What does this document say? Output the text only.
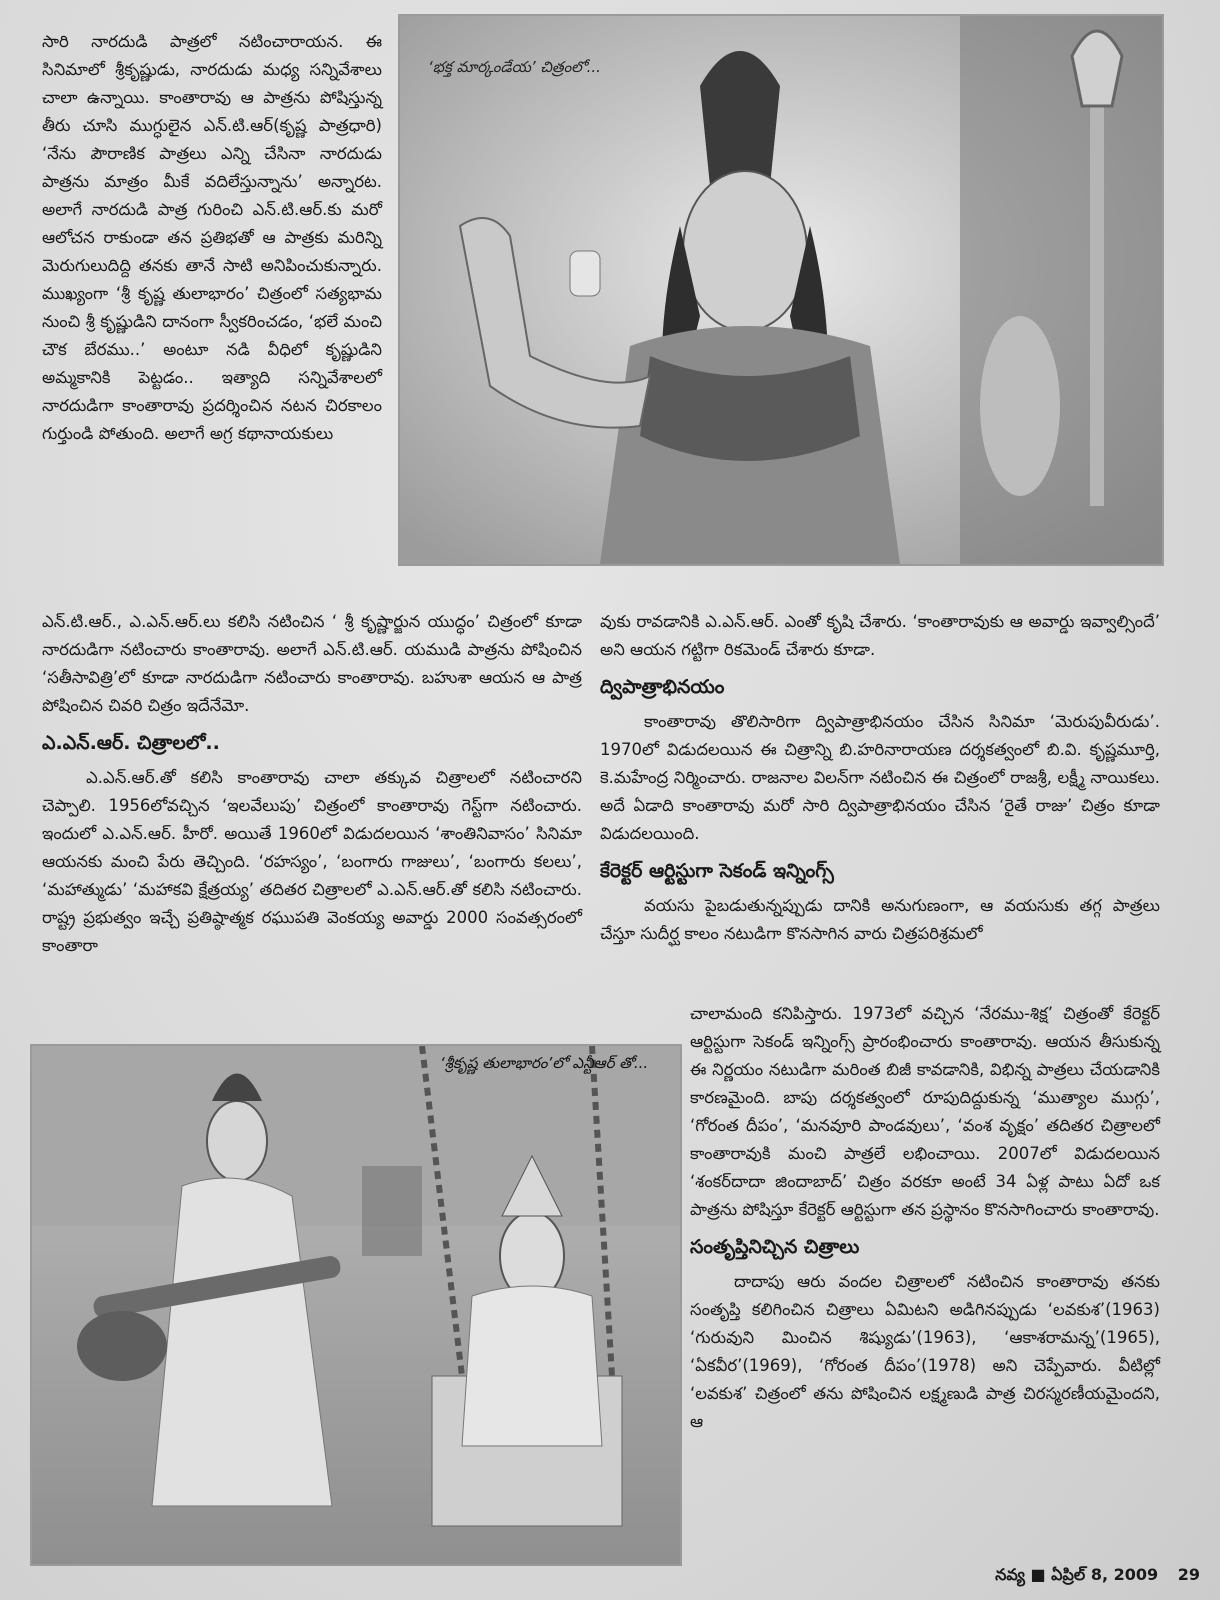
‘భక్త మార్కండేయ’ చిత్రంలో...

సారి నారదుడి పాత్రలో నటించారాయన. ఈ సినిమాలో శ్రీకృష్ణుడు, నారదుడు మధ్య సన్నివేశాలు చాలా ఉన్నాయి. కాంతారావు ఆ పాత్రను పోషిస్తున్న తీరు చూసి ముగ్ధులైన ఎన్.టి.ఆర్(కృష్ణ పాత్రధారి) ‘నేను పౌరాణిక పాత్రలు ఎన్ని చేసినా నారదుడు పాత్రను మాత్రం మీకే వదిలేస్తున్నాను’ అన్నారట. అలాగే నారదుడి పాత్ర గురించి ఎన్.టి.ఆర్.కు మరో ఆలోచన రాకుండా తన ప్రతిభతో ఆ పాత్రకు మరిన్ని మెరుగులుదిద్ది తనకు తానే సాటి అనిపించుకున్నారు. ముఖ్యంగా ‘శ్రీ కృష్ణ తులాభారం’ చిత్రంలో సత్యభామ నుంచి శ్రీ కృష్ణుడిని దానంగా స్వీకరించడం, ‘భలే మంచి చౌక బేరము..’ అంటూ నడి వీధిలో కృష్ణుడిని అమ్మకానికి పెట్టడం.. ఇత్యాది సన్నివేశాలలో నారదుడిగా కాంతారావు ప్రదర్శించిన నటన చిరకాలం గుర్తుండి పోతుంది. అలాగే అగ్ర కథానాయకులు

ఎన్.టి.ఆర్., ఎ.ఎన్.ఆర్.లు కలిసి నటించిన ‘ శ్రీ కృష్ణార్జున యుద్ధం’ చిత్రంలో కూడా నారదుడిగా నటించారు కాంతారావు. అలాగే ఎన్.టి.ఆర్. యముడి పాత్రను పోషించిన ‘సతీసావిత్రి’లో కూడా నారదుడిగా నటించారు కాంతారావు. బహుశా ఆయన ఆ పాత్ర పోషించిన చివరి చిత్రం ఇదేనేమో.

ఎ.ఎన్.ఆర్. చిత్రాలలో..

ఎ.ఎన్.ఆర్.తో కలిసి కాంతారావు చాలా తక్కువ చిత్రాలలో నటించారని చెప్పాలి. 1956లోవచ్చిన ‘ఇలవేలుపు’ చిత్రంలో కాంతారావు గెస్ట్‌గా నటించారు. ఇందులో ఎ.ఎన్.ఆర్. హీరో. అయితే 1960లో విడుదలయిన ‘శాంతినివాసం’ సినిమా ఆయనకు మంచి పేరు తెచ్చింది. ‘రహస్యం’, ‘బంగారు గాజులు’, ‘బంగారు కలలు’, ‘మహాత్ముడు’ ‘మహాకవి క్షేత్రయ్య’ తదితర చిత్రాలలో ఎ.ఎన్.ఆర్.తో కలిసి నటించారు. రాష్ట్ర ప్రభుత్వం ఇచ్చే ప్రతిష్ఠాత్మక రఘుపతి వెంకయ్య అవార్డు 2000 సంవత్సరంలో కాంతారా

వుకు రావడానికి ఎ.ఎన్.ఆర్. ఎంతో కృషి చేశారు. ‘కాంతారావుకు ఆ అవార్డు ఇవ్వాల్సిందే’ అని ఆయన గట్టిగా రికమెండ్ చేశారు కూడా.

ద్విపాత్రాభినయం

కాంతారావు తొలిసారిగా ద్విపాత్రాభినయం చేసిన సినిమా ‘మెరుపువీరుడు’. 1970లో విడుదలయిన ఈ చిత్రాన్ని బి.హరినారాయణ దర్శకత్వంలో బి.వి. కృష్ణమూర్తి, కె.మహేంద్ర నిర్మించారు. రాజనాల విలన్‌గా నటించిన ఈ చిత్రంలో రాజశ్రీ, లక్ష్మీ నాయికలు. అదే ఏడాది కాంతారావు మరో సారి ద్విపాత్రాభినయం చేసిన ‘రైతే రాజు’ చిత్రం కూడా విడుదలయింది.

కేరెక్టర్ ఆర్టిస్టుగా సెకండ్ ఇన్నింగ్స్

వయసు పైబడుతున్నప్పుడు దానికి అనుగుణంగా, ఆ వయసుకు తగ్గ పాత్రలు చేస్తూ సుదీర్ఘ కాలం నటుడిగా కొనసాగిన వారు చిత్రపరిశ్రమలో

‘శ్రీకృష్ణ తులాభారం’లో ఎన్టీఆర్ తో...

చాలామంది కనిపిస్తారు. 1973లో వచ్చిన ‘నేరము-శిక్ష’ చిత్రంతో కేరెక్టర్ ఆర్టిస్టుగా సెకండ్ ఇన్నింగ్స్ ప్రారంభించారు కాంతారావు. ఆయన తీసుకున్న ఈ నిర్ణయం నటుడిగా మరింత బిజీ కావడానికి, విభిన్న పాత్రలు చేయడానికి కారణమైంది. బాపు దర్శకత్వంలో రూపుదిద్దుకున్న ‘ముత్యాల ముగ్గు’, ‘గోరంత దీపం’, ‘మనవూరి పాండవులు’, ‘వంశ వృక్షం’ తదితర చిత్రాలలో కాంతారావుకి మంచి పాత్రలే లభించాయి. 2007లో విడుదలయిన ‘శంకర్‌దాదా జిందాబాద్’ చిత్రం వరకూ అంటే 34 ఏళ్ల పాటు ఏదో ఒక పాత్రను పోషిస్తూ కేరెక్టర్ ఆర్టిస్టుగా తన ప్రస్థానం కొనసాగించారు కాంతారావు.

సంతృప్తినిచ్చిన చిత్రాలు

దాదాపు ఆరు వందల చిత్రాలలో నటించిన కాంతారావు తనకు సంతృప్తి కలిగించిన చిత్రాలు ఏమిటని అడిగినప్పుడు ‘లవకుశ’(1963) ‘గురువుని మించిన శిష్యుడు’(1963), ‘ఆకాశరామన్న’(1965), ‘ఏకవీర’(1969), ‘గోరంత దీపం’(1978) అని చెప్పేవారు. వీటిల్లో ‘లవకుశ’ చిత్రంలో తను పోషించిన లక్ష్మణుడి పాత్ర చిరస్మరణీయమైందని, ఆ

నవ్య ■ ఏప్రిల్ 8, 2009 29
